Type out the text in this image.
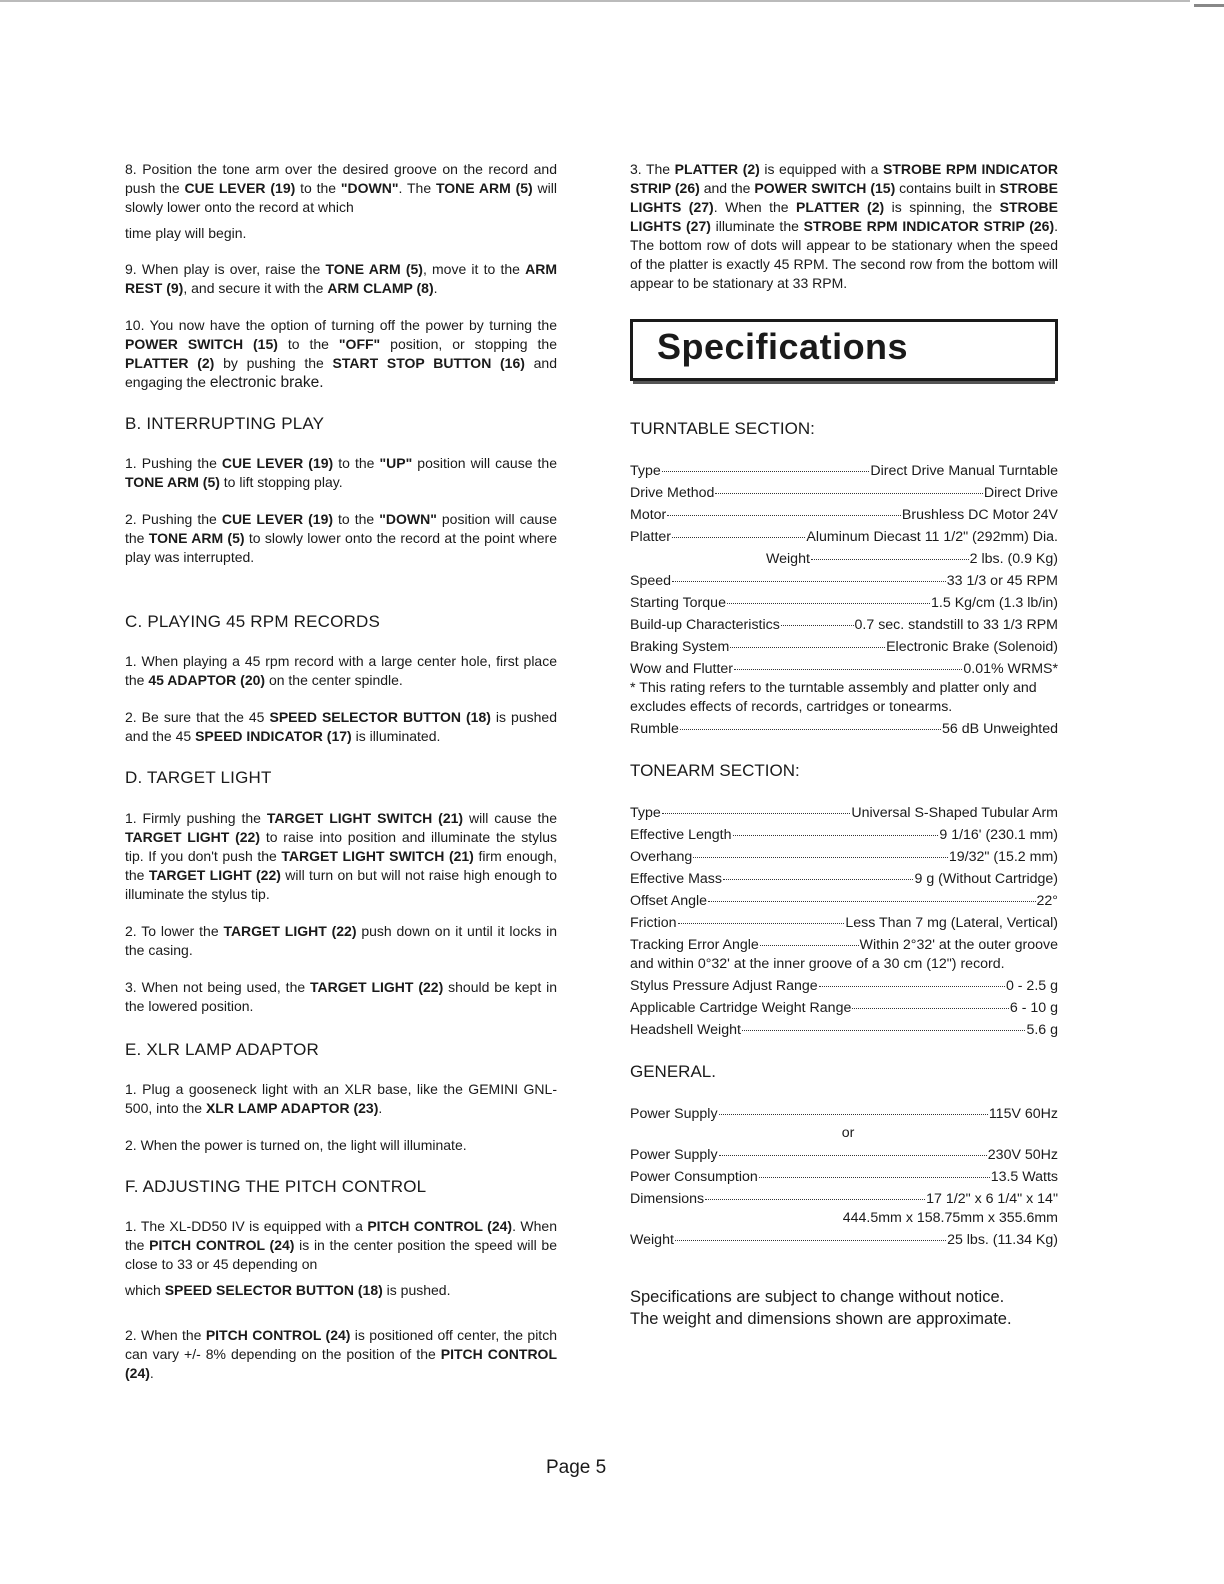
8. Position the tone arm over the desired groove on the record and push the CUE LEVER (19) to the "DOWN". The TONE ARM (5) will slowly lower onto the record at which
time play will begin.

9. When play is over, raise the TONE ARM (5), move it to the ARM REST (9), and secure it with the ARM CLAMP (8).

10. You now have the option of turning off the power by turning the POWER SWITCH (15) to the "OFF" position, or stopping the PLATTER (2) by pushing the START STOP BUTTON (16) and engaging the electronic brake.

B. INTERRUPTING PLAY

1. Pushing the CUE LEVER (19) to the "UP" position will cause the TONE ARM (5) to lift stopping play.

2. Pushing the CUE LEVER (19) to the "DOWN" position will cause the TONE ARM (5) to slowly lower onto the record at the point where play was interrupted.

C. PLAYING 45 RPM RECORDS

1. When playing a 45 rpm record with a large center hole, first place the 45 ADAPTOR (20) on the center spindle.

2. Be sure that the 45 SPEED SELECTOR BUTTON (18) is pushed and the 45 SPEED INDICATOR (17) is illuminated.

D. TARGET LIGHT

1. Firmly pushing the TARGET LIGHT SWITCH (21) will cause the TARGET LIGHT (22) to raise into position and illuminate the stylus tip. If you don't push the TARGET LIGHT SWITCH (21) firm enough, the TARGET LIGHT (22) will turn on but will not raise high enough to illuminate the stylus tip.

2. To lower the TARGET LIGHT (22) push down on it until it locks in the casing.

3. When not being used, the TARGET LIGHT (22) should be kept in the lowered position.

E. XLR LAMP ADAPTOR

1. Plug a gooseneck light with an XLR base, like the GEMINI GNL-500, into the XLR LAMP ADAPTOR (23).

2. When the power is turned on, the light will illuminate.

F. ADJUSTING THE PITCH CONTROL

1. The XL-DD50 IV is equipped with a PITCH CONTROL (24). When the PITCH CONTROL (24) is in the center position the speed will be close to 33 or 45 depending on
which SPEED SELECTOR BUTTON (18) is pushed.

2. When the PITCH CONTROL (24) is positioned off center, the pitch can vary +/- 8% depending on the position of the PITCH CONTROL (24).

3. The PLATTER (2) is equipped with a STROBE RPM INDICATOR STRIP (26) and the POWER SWITCH (15) contains built in STROBE LIGHTS (27). When the PLATTER (2) is spinning, the STROBE LIGHTS (27) illuminate the STROBE RPM INDICATOR STRIP (26). The bottom row of dots will appear to be stationary when the speed of the platter is exactly 45 RPM. The second row from the bottom will appear to be stationary at 33 RPM.

Specifications

TURNTABLE SECTION:

Type	Direct Drive Manual Turntable
Drive Method	Direct Drive
Motor	Brushless DC Motor 24V
Platter	Aluminum Diecast 11 1/2" (292mm) Dia.
Weight	2 lbs. (0.9 Kg)
Speed	33 1/3 or 45 RPM
Starting Torque	1.5 Kg/cm (1.3 lb/in)
Build-up Characteristics	0.7 sec. standstill to 33 1/3 RPM
Braking System	Electronic Brake (Solenoid)
Wow and Flutter	0.01% WRMS*

* This rating refers to the turntable assembly and platter only and excludes effects of records, cartridges or tonearms.

Rumble	56 dB Unweighted

TONEARM SECTION:

Type	Universal S-Shaped Tubular Arm
Effective Length	9 1/16' (230.1 mm)
Overhang	19/32" (15.2 mm)
Effective Mass	9 g (Without Cartridge)
Offset Angle	22°
Friction	Less Than 7 mg (Lateral, Vertical)
Tracking Error Angle	Within 2°32' at the outer groove
and within 0°32' at the inner groove of a 30 cm (12") record.
Stylus Pressure Adjust Range	0 - 2.5 g
Applicable Cartridge Weight Range	6 - 10 g
Headshell Weight	5.6 g

GENERAL.

Power Supply	115V 60Hz
or
Power Supply	230V 50Hz
Power Consumption	13.5 Watts
Dimensions	17 1/2" x 6 1/4" x 14"
444.5mm x 158.75mm x 355.6mm
Weight	25 lbs. (11.34 Kg)

Specifications are subject to change without notice.

The weight and dimensions shown are approximate.

Page 5
